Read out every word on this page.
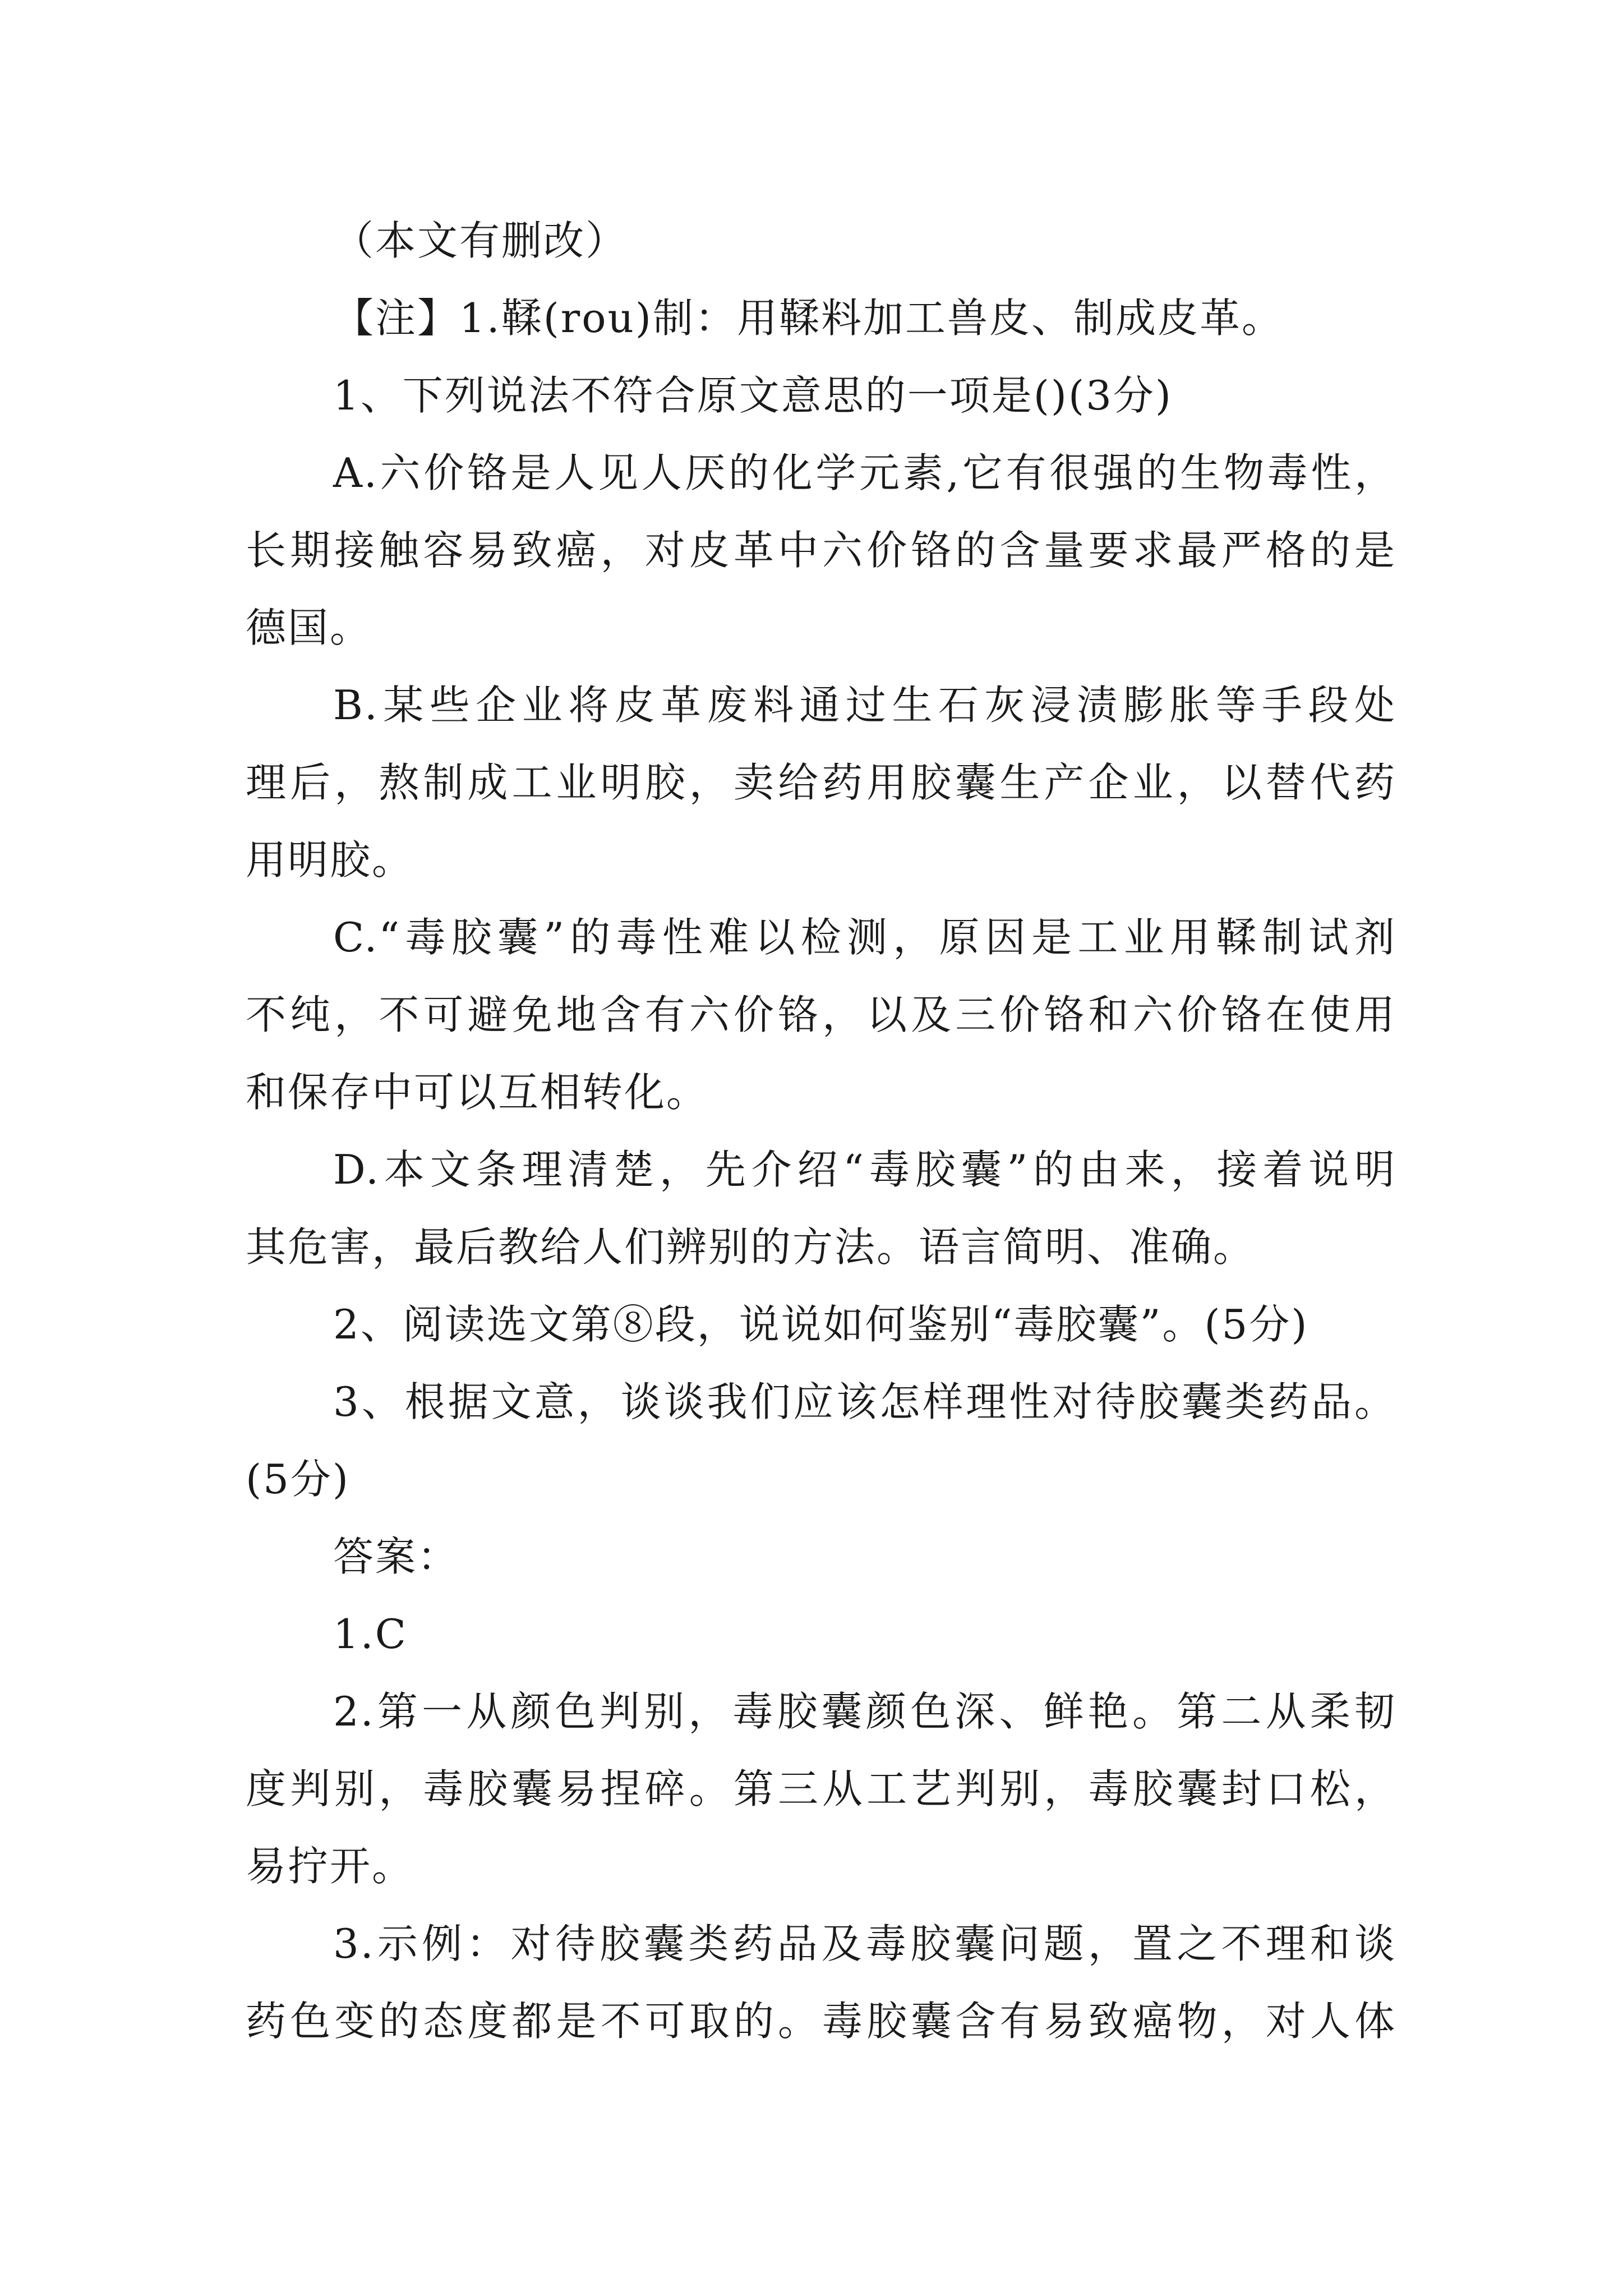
（本文有删改）
【注】1.鞣(rou)制：用鞣料加工兽皮、制成皮革。
1、下列说法不符合原文意思的一项是()(3分)
A.六价铬是人见人厌的化学元素,它有很强的生物毒性，
长期接触容易致癌，对皮革中六价铬的含量要求最严格的是
德国。
B.某些企业将皮革废料通过生石灰浸渍膨胀等手段处
理后，熬制成工业明胶，卖给药用胶囊生产企业，以替代药
用明胶。
C.“毒胶囊”的毒性难以检测，原因是工业用鞣制试剂
不纯，不可避免地含有六价铬，以及三价铬和六价铬在使用
和保存中可以互相转化。
D.本文条理清楚，先介绍“毒胶囊”的由来，接着说明
其危害，最后教给人们辨别的方法。语言简明、准确。
2、阅读选文第⑧段，说说如何鉴别“毒胶囊”。(5分)
3、根据文意，谈谈我们应该怎样理性对待胶囊类药品。
(5分)
答案：
1.C
2.第一从颜色判别，毒胶囊颜色深、鲜艳。第二从柔韧
度判别，毒胶囊易捏碎。第三从工艺判别，毒胶囊封口松，
易拧开。
3.示例：对待胶囊类药品及毒胶囊问题，置之不理和谈
药色变的态度都是不可取的。毒胶囊含有易致癌物，对人体
